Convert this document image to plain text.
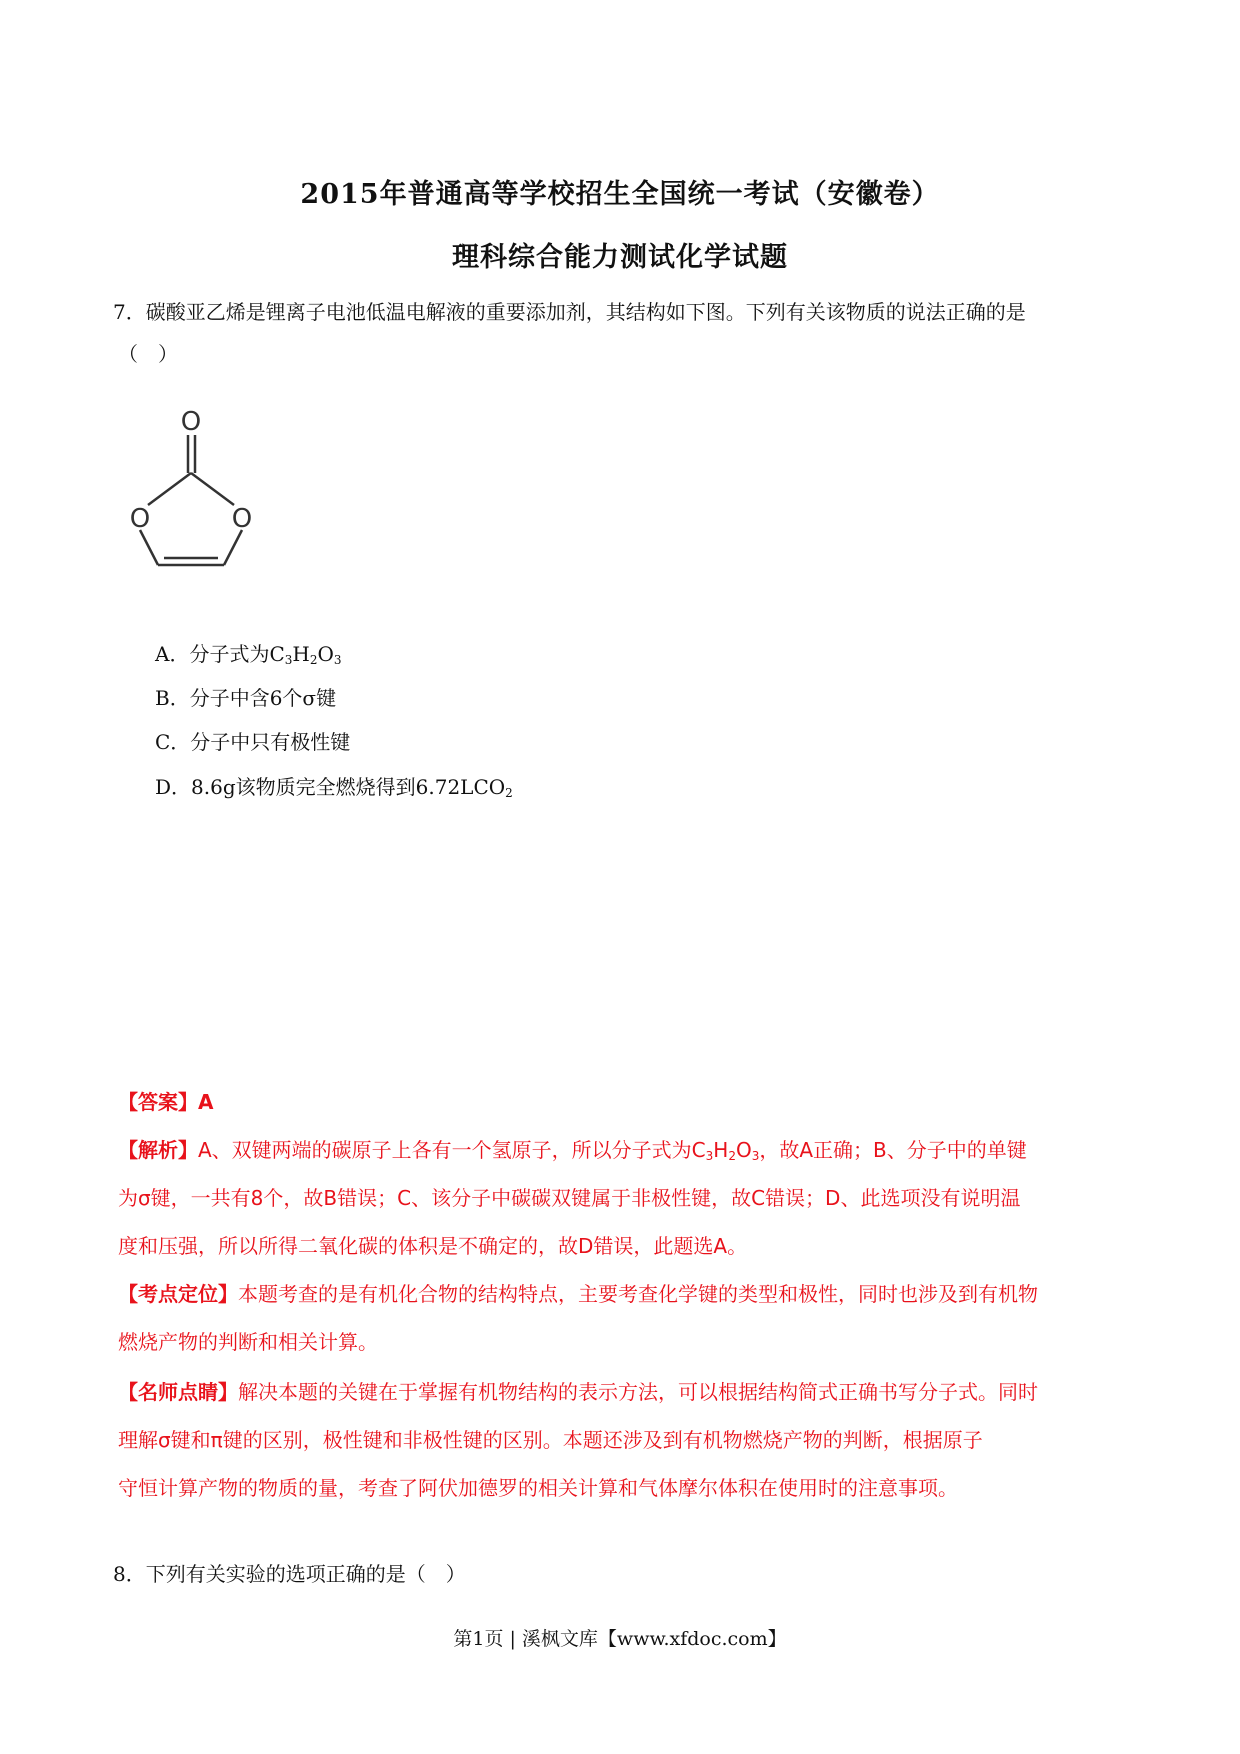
2015年普通高等学校招生全国统一考试（安徽卷）
理科综合能力测试化学试题
7．碳酸亚乙烯是锂离子电池低温电解液的重要添加剂，其结构如下图。下列有关该物质的说法正确的是
（　）
O
O	O
A．分子式为$C_3H_2O_3$
B．分子中含6个σ键
C．分子中只有极性键
D．8.6g该物质完全燃烧得到$6.72LCO_2$
【答案】A
【解析】A、双键两端的碳原子上各有一个氢原子，所以分子式为$C_3H_2O_3$，故A正确；B、分子中的单键
为σ键，一共有8个，故B错误；C、该分子中碳碳双键属于非极性键，故C错误；D、此选项没有说明温
度和压强，所以所得二氧化碳的体积是不确定的，故D错误，此题选A。
【考点定位】本题考查的是有机化合物的结构特点，主要考查化学键的类型和极性，同时也涉及到有机物
燃烧产物的判断和相关计算。
【名师点睛】解决本题的关键在于掌握有机物结构的表示方法，可以根据结构简式正确书写分子式。同时
理解σ键和π键的区别，极性键和非极性键的区别。本题还涉及到有机物燃烧产物的判断，根据原子
守恒计算产物的物质的量，考查了阿伏加德罗的相关计算和气体摩尔体积在使用时的注意事项。
8．下列有关实验的选项正确的是（　）
第1页 | 溪枫文库【www.xfdoc.com】
